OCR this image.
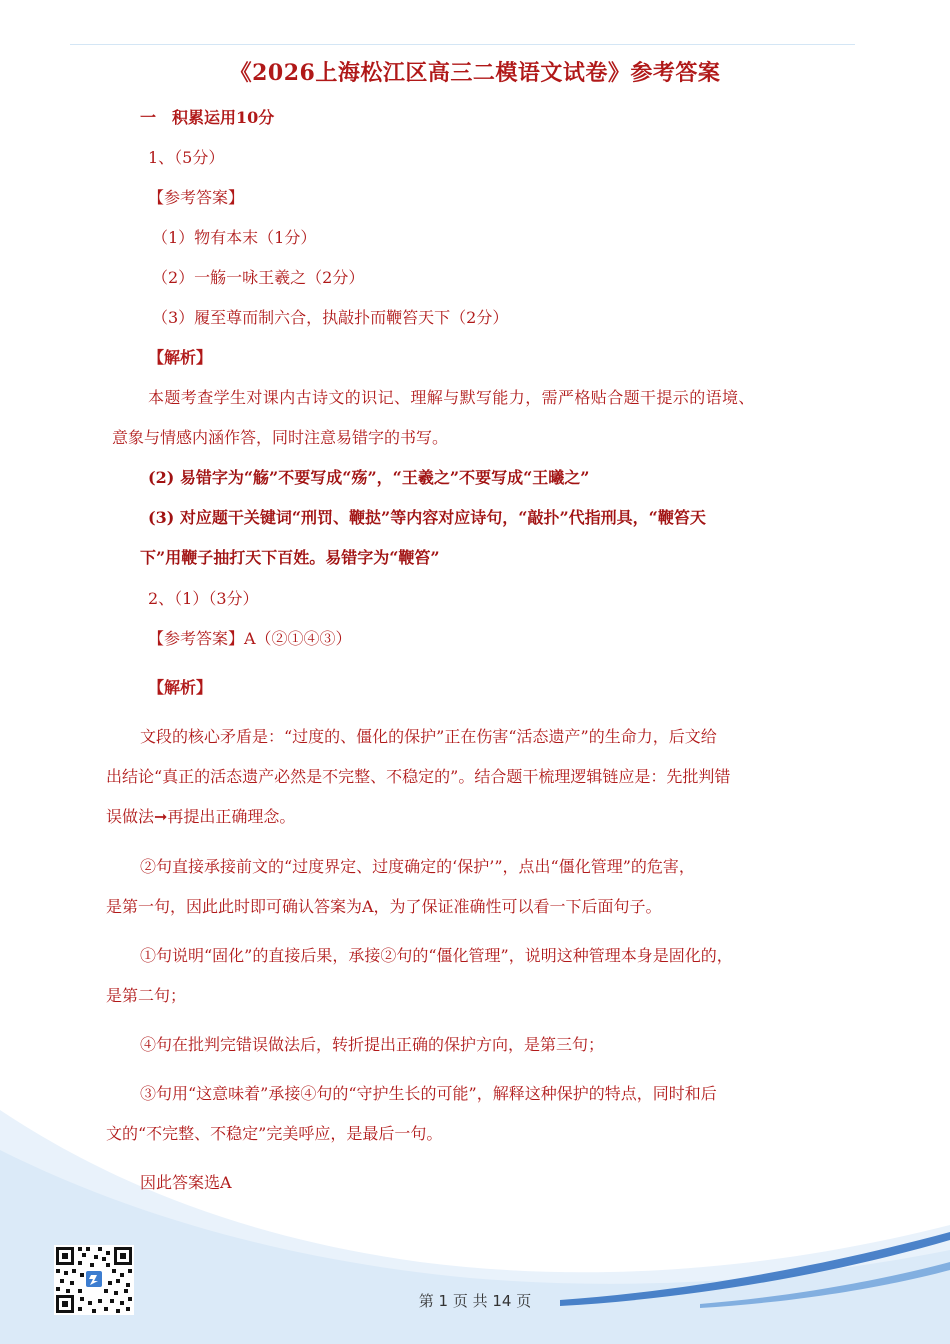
《2026上海松江区高三二模语文试卷》参考答案
一　积累运用10分
1、（5分）
【参考答案】
（1）物有本末（1分）
（2）一觞一咏王羲之（2分）
（3）履至尊而制六合，执敲扑而鞭笞天下（2分）
【解析】
本题考查学生对课内古诗文的识记、理解与默写能力，需严格贴合题干提示的语境、
意象与情感内涵作答，同时注意易错字的书写。
(2) 易错字为“觞”不要写成“殇”，“王羲之”不要写成“王曦之”
(3) 对应题干关键词“刑罚、鞭挞”等内容对应诗句，“敲扑”代指刑具，“鞭笞天
下”用鞭子抽打天下百姓。易错字为“鞭笞”
2、（1）（3分）
【参考答案】A（②①④③）
【解析】
文段的核心矛盾是：“过度的、僵化的保护”正在伤害“活态遗产”的生命力，后文给
出结论“真正的活态遗产必然是不完整、不稳定的”。结合题干梳理逻辑链应是：先批判错
误做法➞再提出正确理念。
②句直接承接前文的“过度界定、过度确定的‘保护’”，点出“僵化管理”的危害，
是第一句，因此此时即可确认答案为A，为了保证准确性可以看一下后面句子。
①句说明“固化”的直接后果，承接②句的“僵化管理”，说明这种管理本身是固化的，
是第二句；
④句在批判完错误做法后，转折提出正确的保护方向，是第三句；
③句用“这意味着”承接④句的“守护生长的可能”，解释这种保护的特点，同时和后
文的“不完整、不稳定”完美呼应，是最后一句。
因此答案选A
第 1 页 共 14 页
